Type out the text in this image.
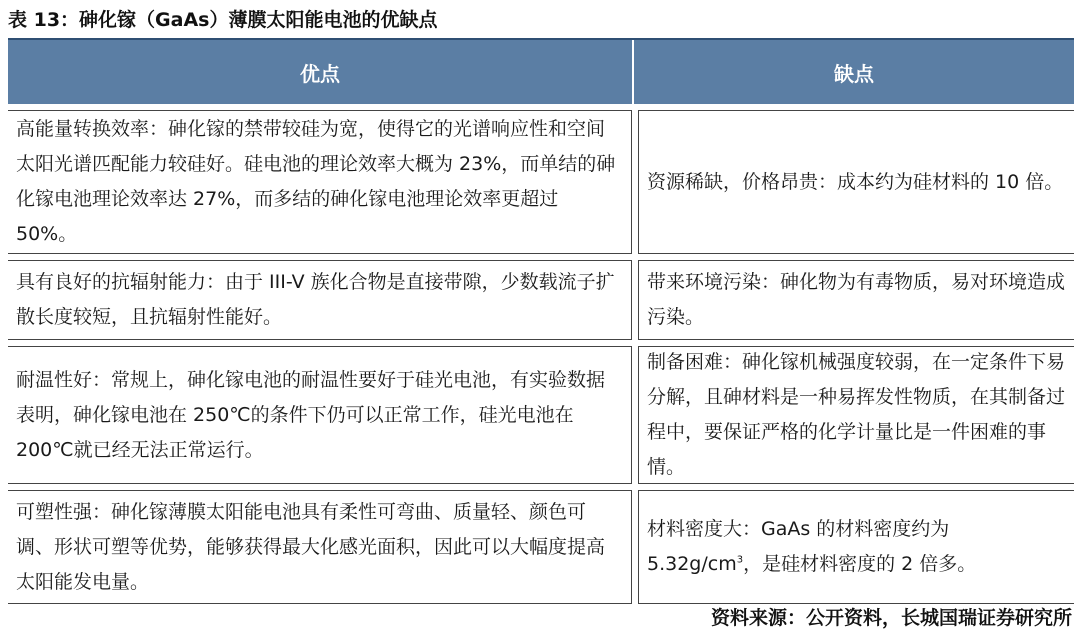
表 13：砷化镓（GaAs）薄膜太阳能电池的优缺点
优点	缺点
高能量转换效率：砷化镓的禁带较硅为宽，使得它的光谱响应性和空间太阳光谱匹配能力较硅好。硅电池的理论效率大概为 23%，而单结的砷化镓电池理论效率达 27%，而多结的砷化镓电池理论效率更超过 50%。
资源稀缺，价格昂贵：成本约为硅材料的 10 倍。
具有良好的抗辐射能力：由于 III-V 族化合物是直接带隙，少数载流子扩散长度较短，且抗辐射性能好。
带来环境污染：砷化物为有毒物质，易对环境造成污染。
耐温性好：常规上，砷化镓电池的耐温性要好于硅光电池，有实验数据表明，砷化镓电池在 250℃的条件下仍可以正常工作，硅光电池在 200℃就已经无法正常运行。
制备困难：砷化镓机械强度较弱，在一定条件下易分解，且砷材料是一种易挥发性物质，在其制备过程中，要保证严格的化学计量比是一件困难的事情。
可塑性强：砷化镓薄膜太阳能电池具有柔性可弯曲、质量轻、颜色可调、形状可塑等优势，能够获得最大化感光面积，因此可以大幅度提高太阳能发电量。
材料密度大：GaAs 的材料密度约为 $5.32g/cm^3$，是硅材料密度的 2 倍多。
资料来源：公开资料，长城国瑞证券研究所
